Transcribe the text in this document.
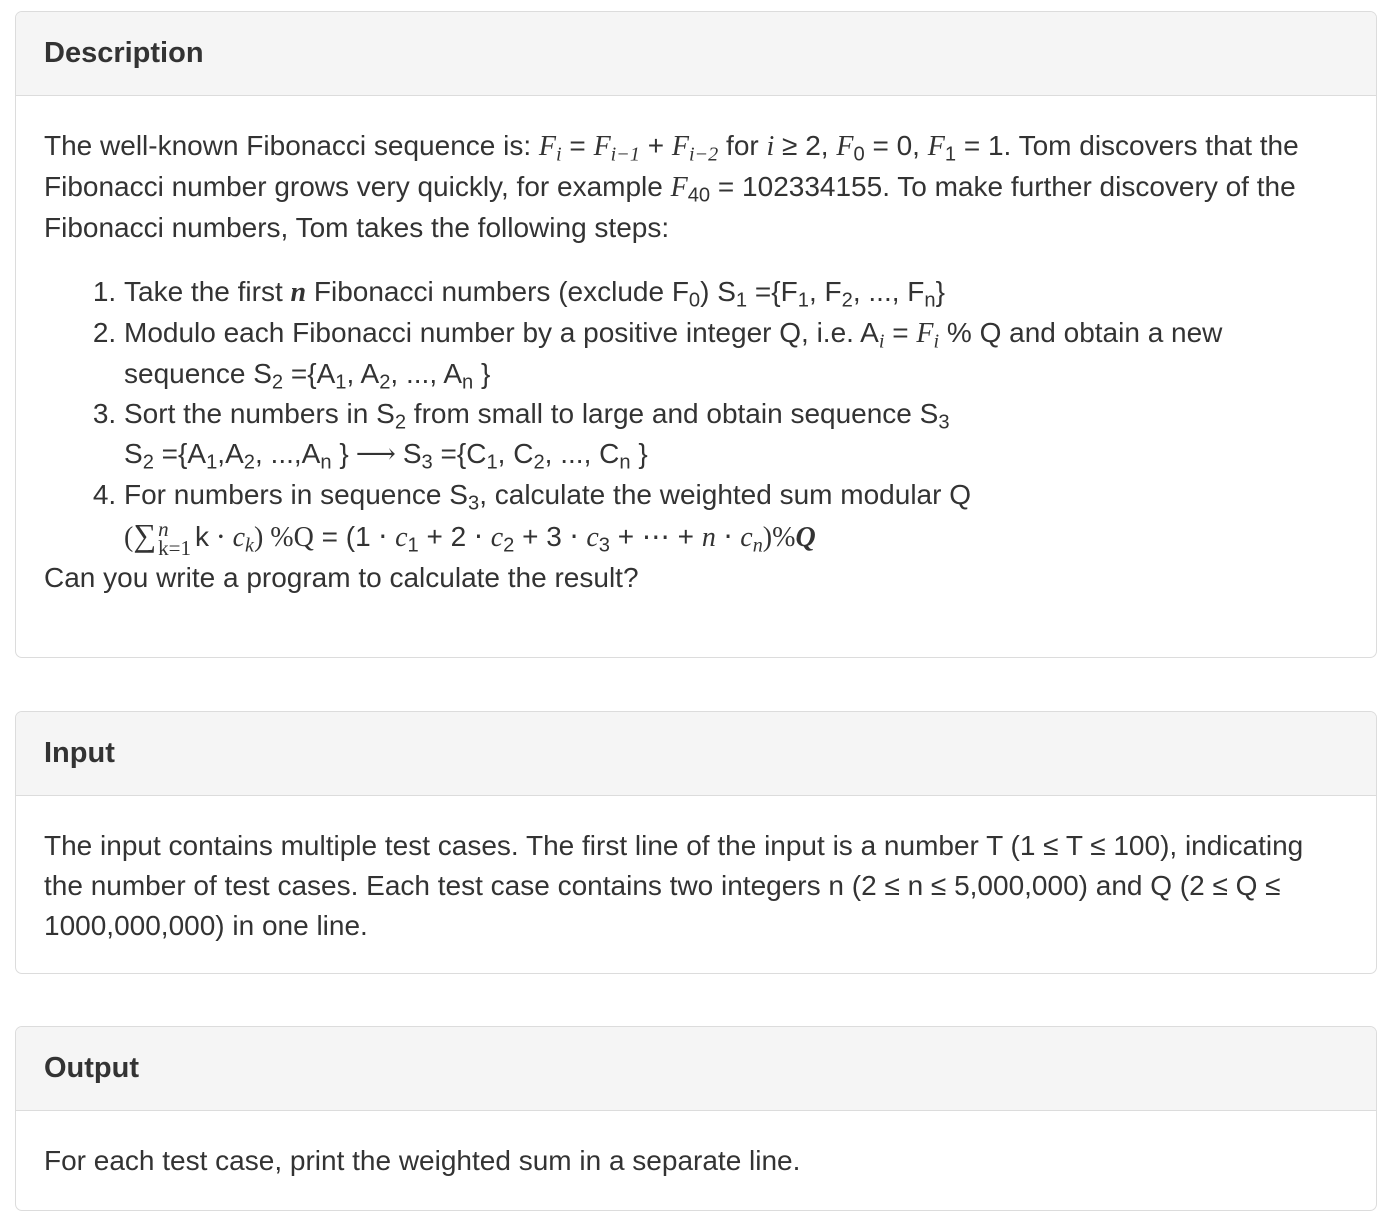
Description

The well-known Fibonacci sequence is: $F_i = F_{i-1} + F_{i-2}$ for i ≥ 2, $F_0 = 0$, $F_1 = 1$. Tom discovers that the Fibonacci number grows very quickly, for example $F_{40} = 102334155$. To make further discovery of the Fibonacci numbers, Tom takes the following steps:

1. Take the first n Fibonacci numbers (exclude $F_0$) $S_1 =\{F_1$, $F_2$, ..., $F_n$}
2. Modulo each Fibonacci number by a positive integer Q, i.e. $A_i = F_i$ % Q and obtain a new sequence $S_2 =\{A_1$, $A_2$, ..., $A_n$ }
3. Sort the numbers in $S_2$ from small to large and obtain sequence $S_3$
$S_2 =\{A_1,A_2$, $...,A_n$ } ⟶ $S_3 =\{C_1$, $C_2$, ..., $C_n$ }
4. For numbers in sequence $S_3$, calculate the weighted sum modular Q
(∑ n
k=1 $k \cdot c_k$) $\%Q = (1 \cdot c_1 + 2 \cdot c_2 + 3 \cdot c_3$ + ⋯ + $n \cdot c_n)\%Q$

Can you write a program to calculate the result?

Input

The input contains multiple test cases. The first line of the input is a number T (1 ≤ T ≤ 100), indicating the number of test cases. Each test case contains two integers n (2 ≤ n ≤ 5,000,000) and Q (2 ≤ Q ≤ 1000,000,000) in one line.

Output

For each test case, print the weighted sum in a separate line.
